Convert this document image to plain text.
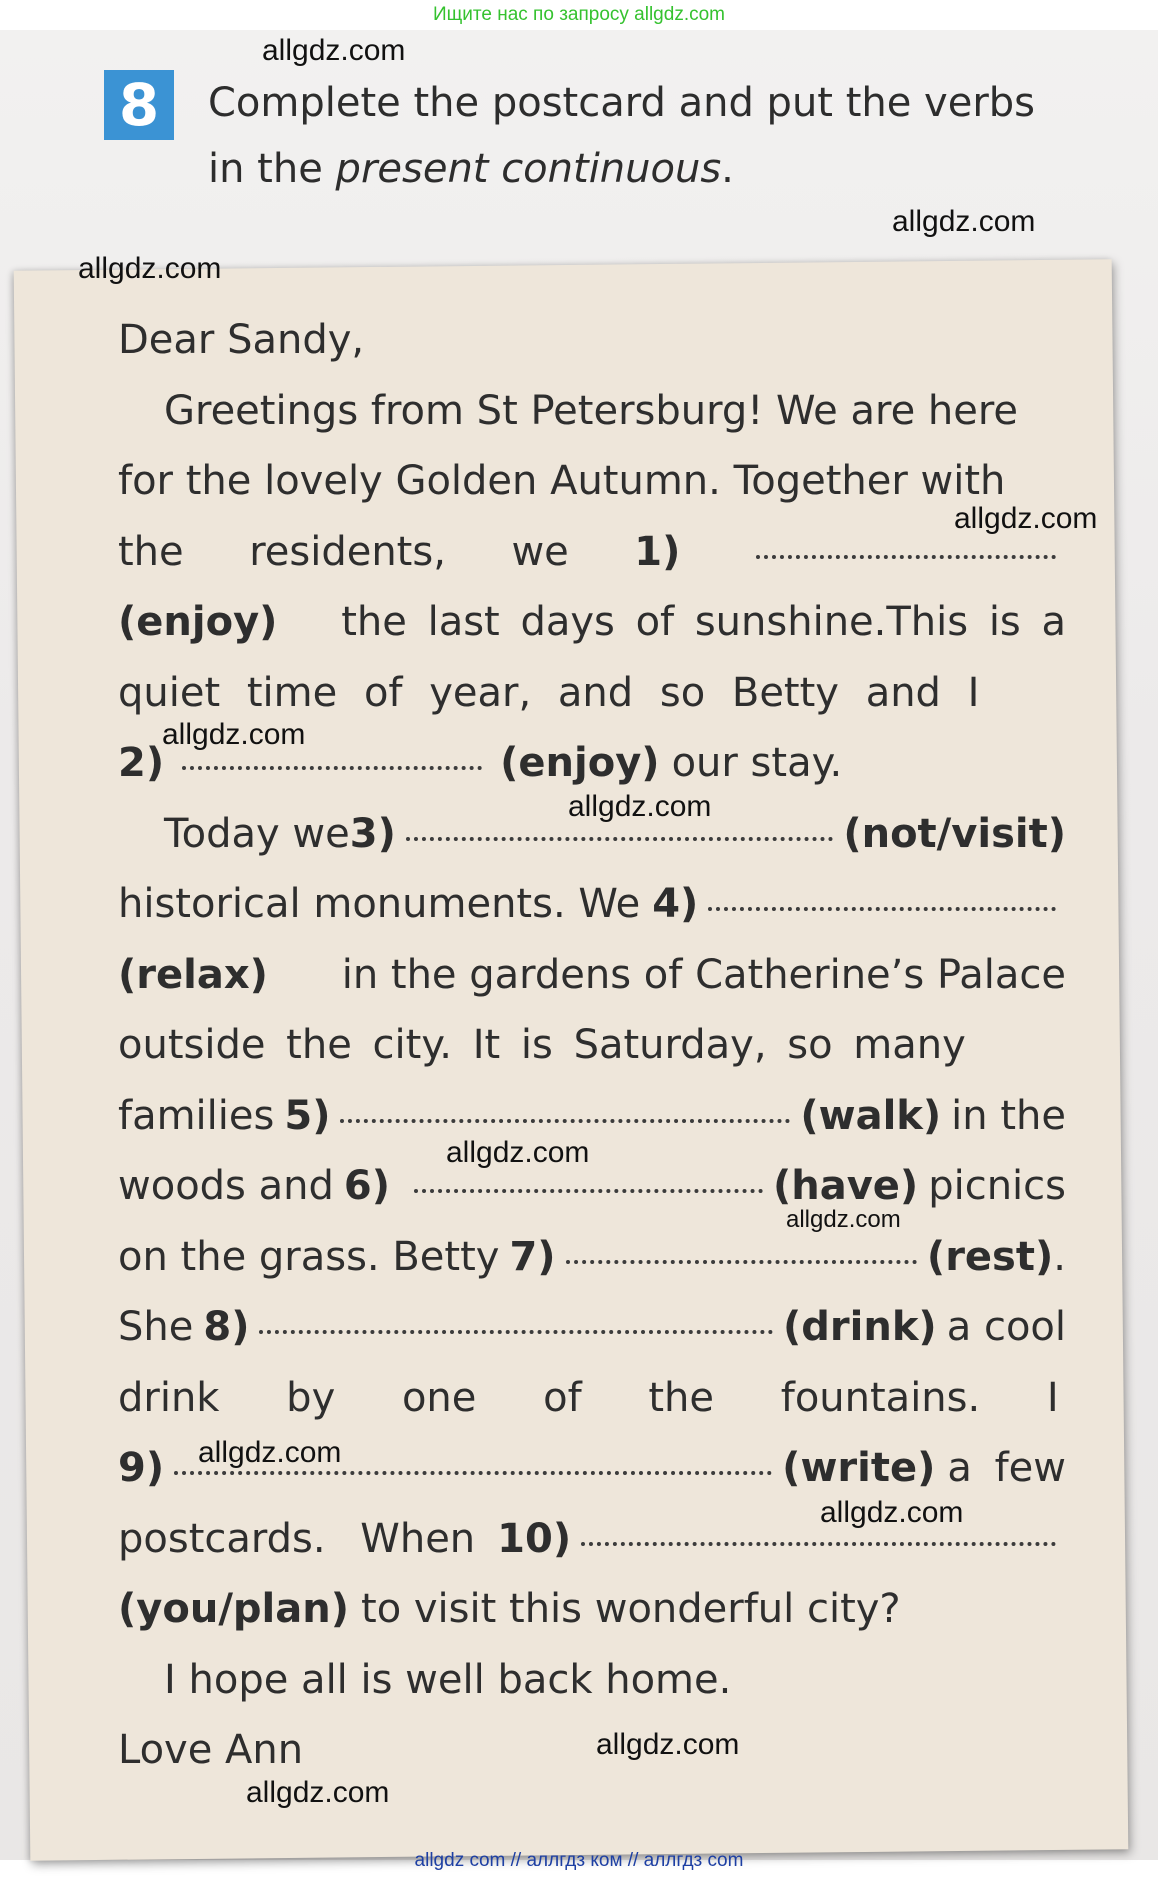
Ищите нас по запросу allgdz.com
8	Complete the postcard and put the verbs
in the present continuous.
Dear Sandy,
Greetings from St Petersburg! We are here
for the lovely Golden Autumn. Together with
the residents, we 1)
(enjoy) the last days of sunshine.This is a
quiet time of year, and so Betty and I
2)	(enjoy) our stay.
Today we 3)	(not/visit)
historical monuments. We 4)
(relax) in the gardens of Catherine’s Palace
outside the city. It is Saturday, so many
families 5)	(walk) in the
woods and 6)	(have) picnics
on the grass. Betty 7)	(rest) .
She 8)	(drink) a cool
drink by one of the fountains. I
9)	(write) a few
postcards. When 10)
(you/plan) to visit this wonderful city?
I hope all is well back home.
Love Ann
allgdz.com
allgdz.com
allgdz.com
allgdz.com
allgdz.com
allgdz.com
allgdz.com
allgdz.com
allgdz.com
allgdz.com
allgdz.com
allgdz.com
allgdz com // аллгдз ком // аллгдз com
